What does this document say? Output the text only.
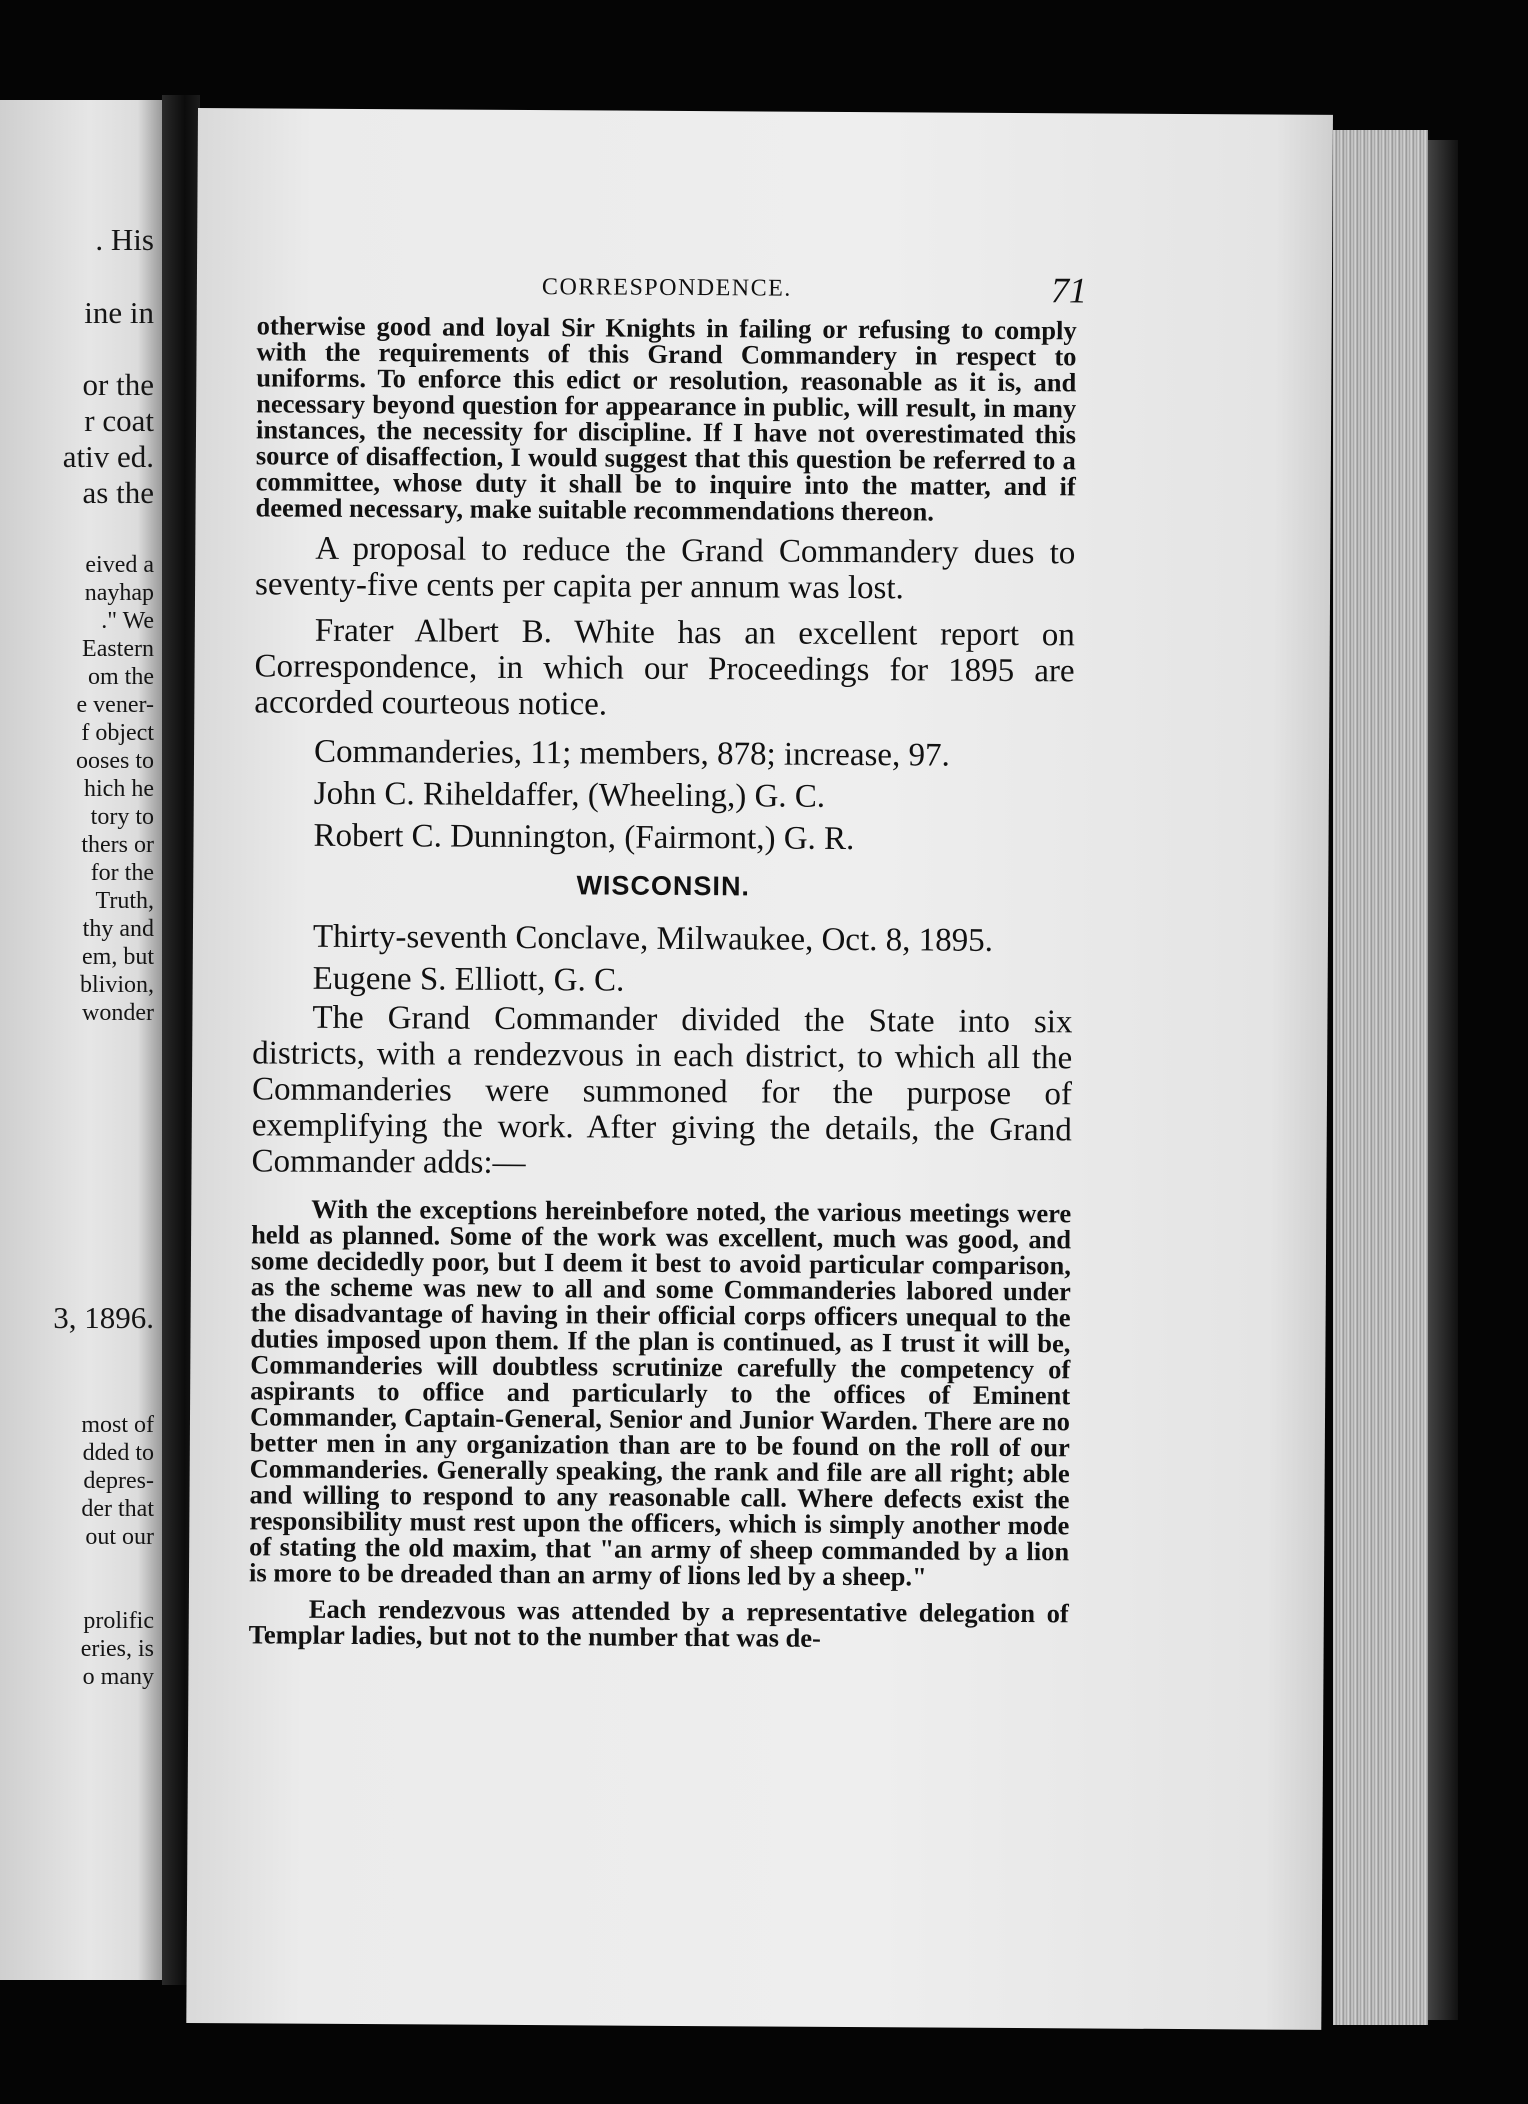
. His
ine in
or the
r coat
ativ ed.
as the
eived a
nayhap
." We
Eastern
om the
e vener-
f object
ooses to
hich he
tory to
thers or
for the
Truth,
thy and
em, but
blivion,
wonder
3, 1896.
most of
dded to
depres-
der that
out our
prolific
eries, is
o many
CORRESPONDENCE.	71

otherwise good and loyal Sir Knights in failing or refusing to comply with the requirements of this Grand Commandery in respect to uniforms. To enforce this edict or resolution, reasonable as it is, and necessary beyond question for appearance in public, will result, in many instances, the necessity for discipline. If I have not overestimated this source of disaffection, I would suggest that this question be referred to a committee, whose duty it shall be to inquire into the matter, and if deemed necessary, make suitable recommendations thereon.

A proposal to reduce the Grand Commandery dues to seventy-five cents per capita per annum was lost.

Frater Albert B. White has an excellent report on Correspondence, in which our Proceedings for 1895 are accorded courteous notice.

Commanderies, 11; members, 878; increase, 97.
John C. Riheldaffer, (Wheeling,) G. C.
Robert C. Dunnington, (Fairmont,) G. R.
WISCONSIN.
Thirty-seventh Conclave, Milwaukee, Oct. 8, 1895.
Eugene S. Elliott, G. C.

The Grand Commander divided the State into six districts, with a rendezvous in each district, to which all the Commanderies were summoned for the purpose of exemplifying the work. After giving the details, the Grand Commander adds:—

With the exceptions hereinbefore noted, the various meetings were held as planned. Some of the work was excellent, much was good, and some decidedly poor, but I deem it best to avoid particular comparison, as the scheme was new to all and some Commanderies labored under the disadvantage of having in their official corps officers unequal to the duties imposed upon them. If the plan is continued, as I trust it will be, Commanderies will doubtless scrutinize carefully the competency of aspirants to office and particularly to the offices of Eminent Commander, Captain-General, Senior and Junior Warden. There are no better men in any organization than are to be found on the roll of our Commanderies. Generally speaking, the rank and file are all right; able and willing to respond to any reasonable call. Where defects exist the responsibility must rest upon the officers, which is simply another mode of stating the old maxim, that "an army of sheep commanded by a lion is more to be dreaded than an army of lions led by a sheep."

Each rendezvous was attended by a representative delegation of Templar ladies, but not to the number that was de-
